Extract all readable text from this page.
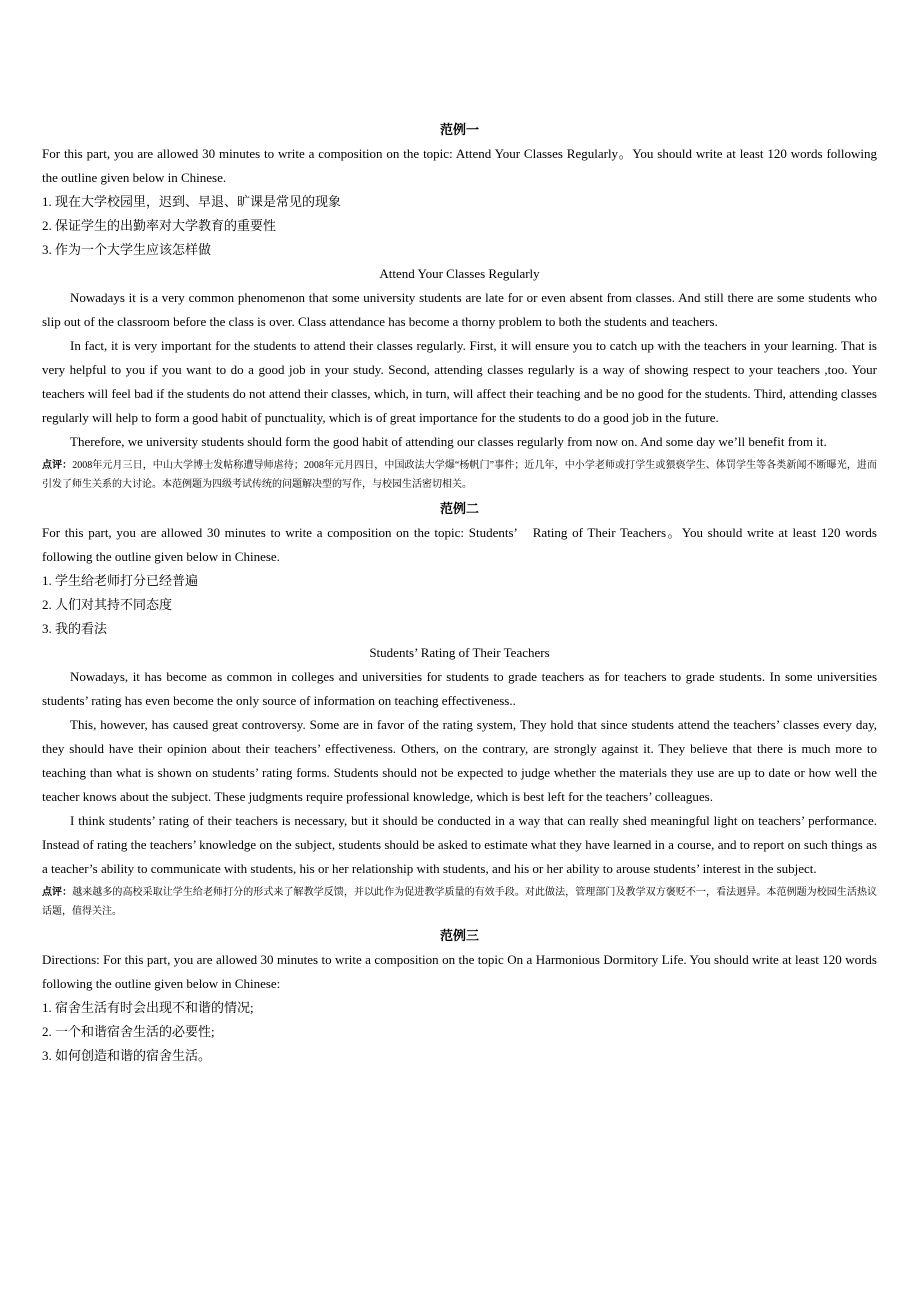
范例一
For this part, you are allowed 30 minutes to write a composition on the topic: Attend Your Classes Regularly。You should write at least 120 words following the outline given below in Chinese.
1. 现在大学校园里，迟到、早退、旷课是常见的现象
2. 保证学生的出勤率对大学教育的重要性
3. 作为一个大学生应该怎样做
Attend Your Classes Regularly
Nowadays it is a very common phenomenon that some university students are late for or even absent from classes. And still there are some students who slip out of the classroom before the class is over. Class attendance has become a thorny problem to both the students and teachers.
In fact, it is very important for the students to attend their classes regularly. First, it will ensure you to catch up with the teachers in your learning. That is very helpful to you if you want to do a good job in your study. Second, attending classes regularly is a way of showing respect to your teachers ,too. Your teachers will feel bad if the students do not attend their classes, which, in turn, will affect their teaching and be no good for the students. Third, attending classes regularly will help to form a good habit of punctuality, which is of great importance for the students to do a good job in the future.
Therefore, we university students should form the good habit of attending our classes regularly from now on. And some day we’ll benefit from it.
点评：2008年元月三日，中山大学博士发帖称遭导师虐待；2008年元月四日，中国政法大学爆“杨帆门”事件；近几年，中小学老师或打学生或猥亵学生、体罚学生等各类新闻不断曝光，进而引发了师生关系的大讨论。本范例题为四级考试传统的问题解决型的写作，与校园生活密切相关。
范例二
For this part, you are allowed 30 minutes to write a composition on the topic: Students’　Rating of Their Teachers。You should write at least 120 words following the outline given below in Chinese.
1. 学生给老师打分已经普遍
2. 人们对其持不同态度
3. 我的看法
Students’ Rating of Their Teachers
Nowadays, it has become as common in colleges and universities for students to grade teachers as for teachers to grade students. In some universities students’ rating has even become the only source of information on teaching effectiveness..
This, however, has caused great controversy. Some are in favor of the rating system, They hold that since students attend the teachers’ classes every day, they should have their opinion about their teachers’ effectiveness. Others, on the contrary, are strongly against it. They believe that there is much more to teaching than what is shown on students’ rating forms. Students should not be expected to judge whether the materials they use are up to date or how well the teacher knows about the subject. These judgments require professional knowledge, which is best left for the teachers’ colleagues.
I think students’ rating of their teachers is necessary, but it should be conducted in a way that can really shed meaningful light on teachers’ performance. Instead of rating the teachers’ knowledge on the subject, students should be asked to estimate what they have learned in a course, and to report on such things as a teacher’s ability to communicate with students, his or her relationship with students, and his or her ability to arouse students’ interest in the subject.
点评：越来越多的高校采取让学生给老师打分的形式来了解教学反馈，并以此作为促进教学质量的有效手段。对此做法，管理部门及教学双方褒贬不一，看法迥异。本范例题为校园生活热议话题，值得关注。
范例三
Directions: For this part, you are allowed 30 minutes to write a composition on the topic On a Harmonious Dormitory Life. You should write at least 120 words following the outline given below in Chinese:
1. 宿舍生活有时会出现不和谐的情况;
2. 一个和谐宿舍生活的必要性;
3. 如何创造和谐的宿舍生活。
